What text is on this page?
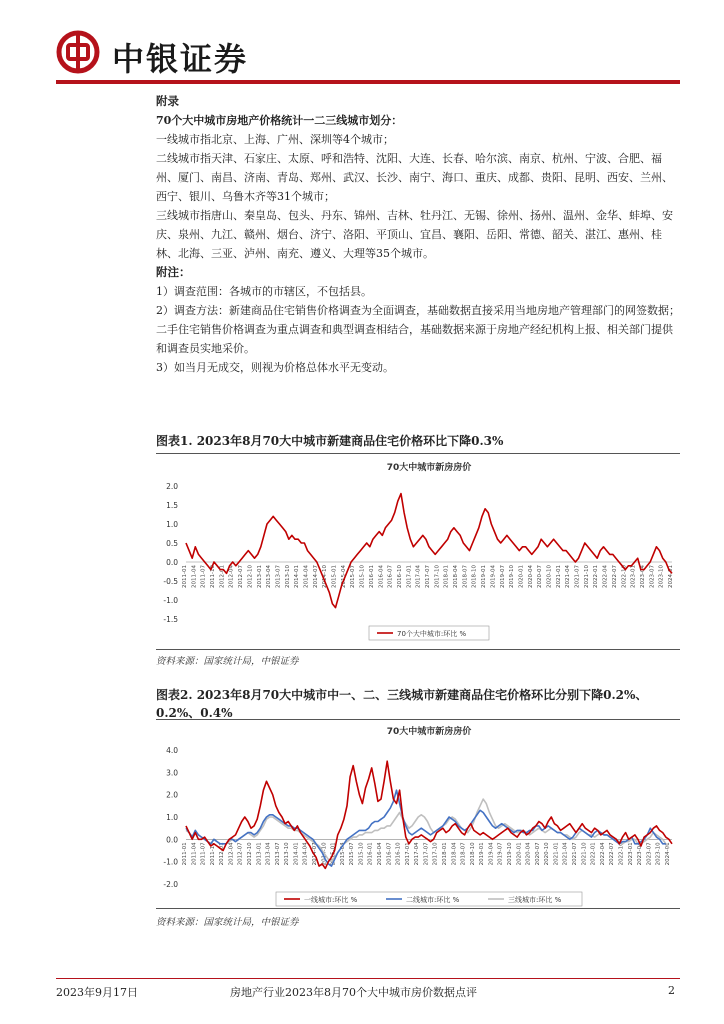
中银证券

附录

70个大中城市房地产价格统计一二三线城市划分：

一线城市指北京、上海、广州、深圳等4个城市；

二线城市指天津、石家庄、太原、呼和浩特、沈阳、大连、长春、哈尔滨、南京、杭州、宁波、合肥、福州、厦门、南昌、济南、青岛、郑州、武汉、长沙、南宁、海口、重庆、成都、贵阳、昆明、西安、兰州、西宁、银川、乌鲁木齐等31个城市；

三线城市指唐山、秦皇岛、包头、丹东、锦州、吉林、牡丹江、无锡、徐州、扬州、温州、金华、蚌埠、安庆、泉州、九江、赣州、烟台、济宁、洛阳、平顶山、宜昌、襄阳、岳阳、常德、韶关、湛江、惠州、桂林、北海、三亚、泸州、南充、遵义、大理等35个城市。

附注：

1）调查范围：各城市的市辖区，不包括县。

2）调查方法：新建商品住宅销售价格调查为全面调查，基础数据直接采用当地房地产管理部门的网签数据；二手住宅销售价格调查为重点调查和典型调查相结合，基础数据来源于房地产经纪机构上报、相关部门提供和调查员实地采价。

3）如当月无成交，则视为价格总体水平无变动。

图表1. 2023年8月70大中城市新建商品住宅价格环比下降0.3%
70大中城市新房房价
2.0
1.5
1.0
0.5
0.0
-0.5
-1.0
-1.5
2011-01 2011-04 2011-07 2011-10 2012-01 2012-04 2012-07 2012-10 2013-01 2013-04 2013-07 2013-10 2014-01 2014-04 2014-07 2014-10 2015-01 2015-04 2015-07 2015-10 2016-01 2016-04 2016-07 2016-10 2017-01 2017-04 2017-07 2017-10 2018-01 2018-04 2018-07 2018-10 2019-01 2019-04 2019-07 2019-10 2020-01 2020-04 2020-07 2020-10 2021-01 2021-04 2021-07 2021-10 2022-01 2022-04 2022-07 2022-10 2023-01 2023-04 2023-07 2023-10 2024-01
70个大中城市:环比 %
资料来源：国家统计局，中银证券
图表2. 2023年8月70大中城市中一、二、三线城市新建商品住宅价格环比分别下降0.2%、0.2%、0.4%
70大中城市新房房价
4.0
3.0
2.0
1.0
0.0
-1.0
-2.0
2011-01 2011-04 2011-07 2011-10 2012-01 2012-04 2012-07 2012-10 2013-01 2013-04 2013-07 2013-10 2014-01 2014-04 2014-07 2014-10 2015-01 2015-04 2015-07 2015-10 2016-01 2016-04 2016-07 2016-10 2017-01 2017-04 2017-07 2017-10 2018-01 2018-04 2018-07 2018-10 2019-01 2019-04 2019-07 2019-10 2020-01 2020-04 2020-07 2020-10 2021-01 2021-04 2021-07 2021-10 2022-01 2022-04 2022-07 2022-10 2023-01 2023-04 2023-07 2023-10 2024-01
一线城市:环比 %	二线城市:环比 %	三线城市:环比 %
资料来源：国家统计局，中银证券
2023年9月17日	房地产行业2023年8月70个大中城市房价数据点评	2
